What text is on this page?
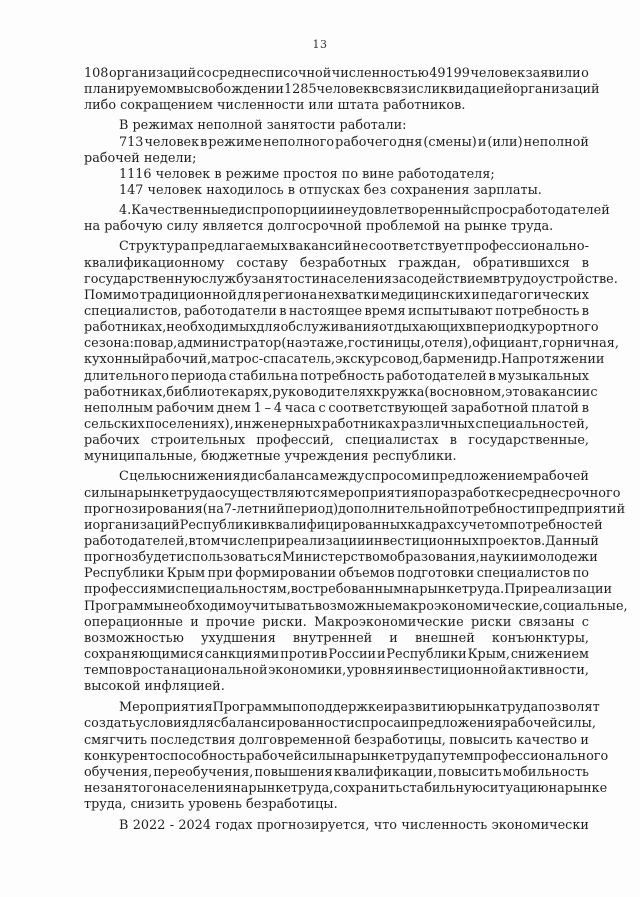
13
108 организаций со среднесписочной численностью 49199 человек заявили о
планируемом высвобождении 1285 человек в связи с ликвидацией организаций
либо сокращением численности или штата работников.
В режимах неполной занятости работали:
713 человек в режиме неполного рабочего дня (смены) и (или) неполной
рабочей недели;
1116 человек в режиме простоя по вине работодателя;
147 человек находилось в отпусках без сохранения зарплаты.
4. Качественные диспропорции и неудовлетворенный спрос работодателей
на рабочую силу является долгосрочной проблемой на рынке труда.
Структура предлагаемых вакансий не соответствует профессионально-
квалификационному составу безработных граждан, обратившихся в
государственную службу занятости населения за содействием в трудоустройстве.
Помимо традиционной для региона нехватки медицинских и педагогических
специалистов, работодатели в настоящее время испытывают потребность в
работниках, необходимых для обслуживания отдыхающих в период курортного
сезона: повар, администратор (на этаже, гостиницы, отеля), официант, горничная,
кухонный рабочий, матрос-спасатель, экскурсовод, бармен и др. На протяжении
длительного периода стабильна потребность работодателей в музыкальных
работниках, библиотекарях, руководителях кружка (в основном, это вакансии с
неполным рабочим днем 1 – 4 часа с соответствующей заработной платой в
сельских поселениях), инженерных работниках различных специальностей,
рабочих строительных профессий, специалистах в государственные,
муниципальные, бюджетные учреждения республики.
С целью снижения дисбаланса между спросом и предложением рабочей
силы на рынке труда осуществляются мероприятия по разработке среднесрочного
прогнозирования (на 7-летний период) дополнительной потребности предприятий
и организаций Республики в квалифицированных кадрах с учетом потребностей
работодателей, в том числе при реализации инвестиционных проектов. Данный
прогноз будет использоваться Министерством образования, науки и молодежи
Республики Крым при формировании объемов подготовки специалистов по
профессиям и специальностям, востребованным на рынке труда. При реализации
Программы необходимо учитывать возможные макроэкономические, социальные,
операционные и прочие риски. Макроэкономические риски связаны с
возможностью ухудшения внутренней и внешней конъюнктуры,
сохраняющимися санкциями против России и Республики Крым, снижением
темпов роста национальной экономики, уровня инвестиционной активности,
высокой инфляцией.
Мероприятия Программы по поддержке и развитию рынка труда позволят
создать условия для сбалансированности спроса и предложения рабочей силы,
смягчить последствия долговременной безработицы, повысить качество и
конкурентоспособность рабочей силы на рынке труда путем профессионального
обучения, переобучения, повышения квалификации, повысить мобильность
незанятого населения на рынке труда, сохранить стабильную ситуацию на рынке
труда, снизить уровень безработицы.
В 2022 - 2024 годах прогнозируется, что численность экономически
